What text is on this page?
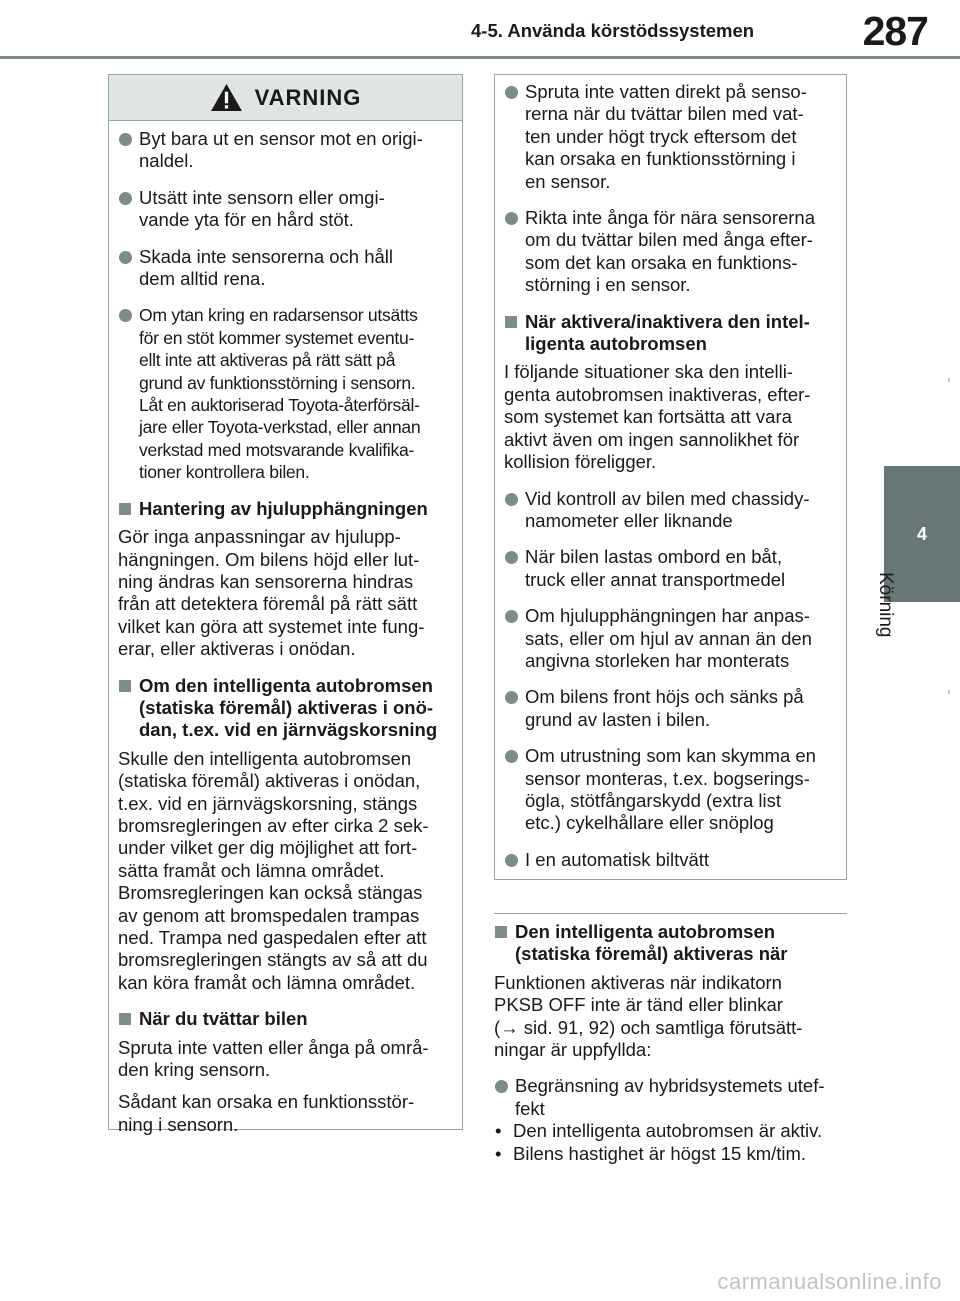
4-5. Använda körstödssystemen	287
4
Körning
VARNING
Byt bara ut en sensor mot en origi-
naldel.
Utsätt inte sensorn eller omgi-
vande yta för en hård stöt.
Skada inte sensorerna och håll
dem alltid rena.
Om ytan kring en radarsensor utsätts
för en stöt kommer systemet eventu-
ellt inte att aktiveras på rätt sätt på
grund av funktionsstörning i sensorn.
Låt en auktoriserad Toyota-återförsäl-
jare eller Toyota-verkstad, eller annan
verkstad med motsvarande kvalifika-
tioner kontrollera bilen.
Hantering av hjulupphängningen
Gör inga anpassningar av hjulupp-
hängningen. Om bilens höjd eller lut-
ning ändras kan sensorerna hindras
från att detektera föremål på rätt sätt
vilket kan göra att systemet inte fung-
erar, eller aktiveras i onödan.
Om den intelligenta autobromsen
(statiska föremål) aktiveras i onö-
dan, t.ex. vid en järnvägskorsning
Skulle den intelligenta autobromsen
(statiska föremål) aktiveras i onödan,
t.ex. vid en järnvägskorsning, stängs
bromsregleringen av efter cirka 2 sek-
under vilket ger dig möjlighet att fort-
sätta framåt och lämna området.
Bromsregleringen kan också stängas
av genom att bromspedalen trampas
ned. Trampa ned gaspedalen efter att
bromsregleringen stängts av så att du
kan köra framåt och lämna området.
När du tvättar bilen
Spruta inte vatten eller ånga på områ-
den kring sensorn.
Sådant kan orsaka en funktionsstör-
ning i sensorn.
Spruta inte vatten direkt på senso-
rerna när du tvättar bilen med vat-
ten under högt tryck eftersom det
kan orsaka en funktionsstörning i
en sensor.
Rikta inte ånga för nära sensorerna
om du tvättar bilen med ånga efter-
som det kan orsaka en funktions-
störning i en sensor.
När aktivera/inaktivera den intel-
ligenta autobromsen
I följande situationer ska den intelli-
genta autobromsen inaktiveras, efter-
som systemet kan fortsätta att vara
aktivt även om ingen sannolikhet för
kollision föreligger.
Vid kontroll av bilen med chassidy-
namometer eller liknande
När bilen lastas ombord en båt,
truck eller annat transportmedel
Om hjulupphängningen har anpas-
sats, eller om hjul av annan än den
angivna storleken har monterats
Om bilens front höjs och sänks på
grund av lasten i bilen.
Om utrustning som kan skymma en
sensor monteras, t.ex. bogserings-
ögla, stötfångarskydd (extra list
etc.) cykelhållare eller snöplog
I en automatisk biltvätt
Den intelligenta autobromsen
(statiska föremål) aktiveras när
Funktionen aktiveras när indikatorn
PKSB OFF inte är tänd eller blinkar
(→ sid. 91, 92) och samtliga förutsätt-
ningar är uppfyllda:
Begränsning av hybridsystemets utef-
fekt
• Den intelligenta autobromsen är aktiv.
• Bilens hastighet är högst 15 km/tim.
carmanualsonline.info
